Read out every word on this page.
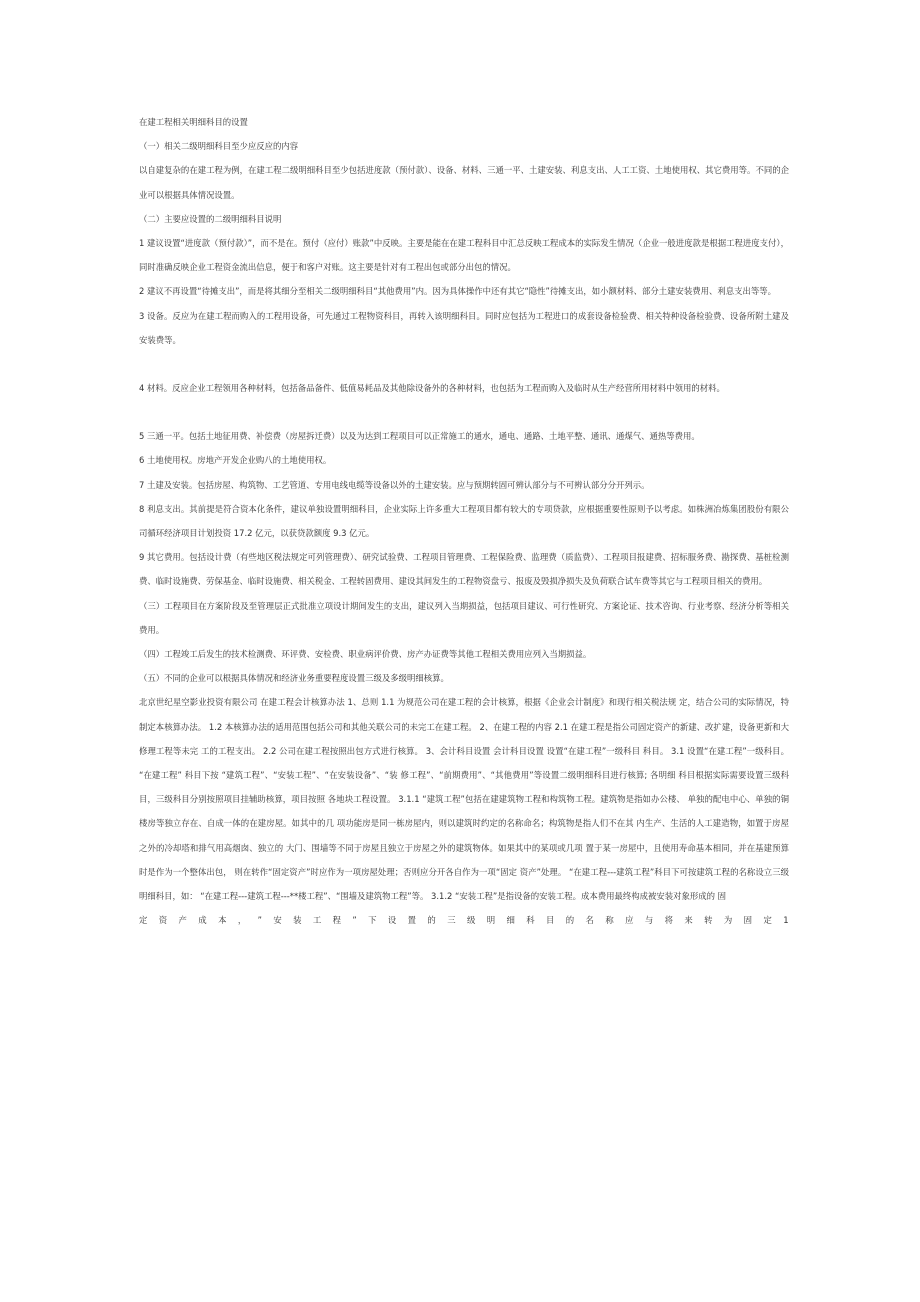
在建工程相关明细科目的设置

（一）相关二级明细科目至少应反应的内容

以自建复杂的在建工程为例，在建工程二级明细科目至少包括进度款（预付款）、设备、材料、三通一平、土建安装、利息支出、人工工资、土地使用权、其它费用等。不同的企业可以根据具体情况设置。

（二）主要应设置的二级明细科目说明

1 建议设置“进度款（预付款）”，而不是在。预付（应付）账款”中反映。主要是能在在建工程科目中汇总反映工程成本的实际发生情况（企业一般进度款是根据工程进度支付），同时准确反映企业工程资金流出信息，便于和客户对账。这主要是针对有工程出包或部分出包的情况。

2 建议不再设置“待摊支出”，而是将其细分至相关二级明细科目“其他费用”内。因为具体操作中还有其它“隐性”待摊支出，如小额材料、部分土建安装费用、利息支出等等。

3 设备。反应为在建工程而购入的工程用设备，可先通过工程物资科目，再转入该明细科目。同时应包括为工程进口的成套设备检验费、相关特种设备检验费、设备所附土建及安装费等。

4 材料。反应企业工程领用各种材料，包括备品备件、低值易耗品及其他除设备外的各种材料，也包括为工程而购入及临时从生产经营所用材料中领用的材料。

5 三通一平。包括土地征用费、补偿费（房屋拆迁费）以及为达到工程项目可以正常施工的通水，通电、通路、土地平整、通讯、通煤气、通热等费用。

6 土地使用权。房地产开发企业购八的土地使用权。

7 土建及安装。包括房屋、构筑物、工艺管道、专用电线电缆等设备以外的土建安装。应与预期转固可辨认部分与不可辨认部分分开列示。

8 利息支出。其前提是符合资本化条件，建议单独设置明细科目，企业实际上许多重大工程项目都有较大的专项贷款，应根据重要性原则予以考虑。如株洲冶炼集团股份有限公司循环经济项目计划投资 17.2 亿元，以获贷款额度 9.3 亿元。

9 其它费用。包括设计费（有些地区税法规定可列管理费）、研究试验费、工程项目管理费、工程保险费、监理费（质监费）、工程项目报建费、招标服务费、勘探费、基桩检测费、临时设施费、劳保基金、临时设施费、相关税金、工程转固费用、建设其间发生的工程物资盘亏、报废及毁损净损失及负荷联合试车费等其它与工程项目相关的费用。

（三）工程项目在方案阶段及至管理层正式批准立项设计期间发生的支出，建议列入当期损益，包括项目建议、可行性研究、方案论证、技术咨询、行业考察、经济分析等相关费用。

（四）工程竣工后发生的技术检测费、环评费、安检费、职业病评价费、房产办证费等其他工程相关费用应列入当期损益。

（五）不同的企业可以根据具体情况和经济业务重要程度设置三级及多级明细核算。

北京世纪星空影业投资有限公司 在建工程会计核算办法 1、总则 1.1 为规范公司在建工程的会计核算，根据《企业会计制度》和现行相关税法规 定，结合公司的实际情况，特制定本核算办法。 1.2 本核算办法的适用范围包括公司和其他关联公司的未完工在建工程。 2、在建工程的内容 2.1 在建工程是指公司固定资产的新建、改扩建，设备更新和大修理工程等未完 工的工程支出。 2.2 公司在建工程按照出包方式进行核算。 3、会计科目设置 会计科目设置 设置“在建工程”一级科目 科目。 3.1 设置“在建工程”一级科目。 “在建工程” 科目下按 “建筑工程”、“安装工程”、“在安装设备”、“装 修工程”、“前期费用”、“其他费用”等设置二级明细科目进行核算; 各明细 科目根据实际需要设置三级科目，三级科目分别按照项目挂辅助核算，项目按照 各地块工程设置。 3.1.1 “建筑工程”包括在建建筑物工程和构筑物工程。建筑物是指如办公楼、 单独的配电中心、单独的铜楼房等独立存在、自成一体的在建房屋。如其中的几 项功能房是同一栋房屋内，则以建筑时约定的名称命名；构筑物是指人们不在其 内生产、生活的人工建造物，如置于房屋之外的冷却塔和排气用高烟囱、独立的 大门、围墙等不同于房屋且独立于房屋之外的建筑物体。如果其中的某项或几项 置于某一房屋中，且使用寿命基本相同，并在基建预算时是作为一个整体出包， 则在转作“固定资产”时应作为一项房屋处理；否则应分开各自作为一项“固定 资产”处理。 “在建工程---建筑工程”科目下可按建筑工程的名称设立三级明细科目，如： “在建工程---建筑工程---**楼工程”、“围墙及建筑物工程”等。 3.1.2 “安装工程”是指设备的安装工程。成本费用最终构成被安装对象形成的 固

定 资 产 成 本 ， ” 安 装 工 程 ” 下 设 置 的 三 级 明 细 科 目 的 名 称 应 与 将 来 转 为 固 定 1
